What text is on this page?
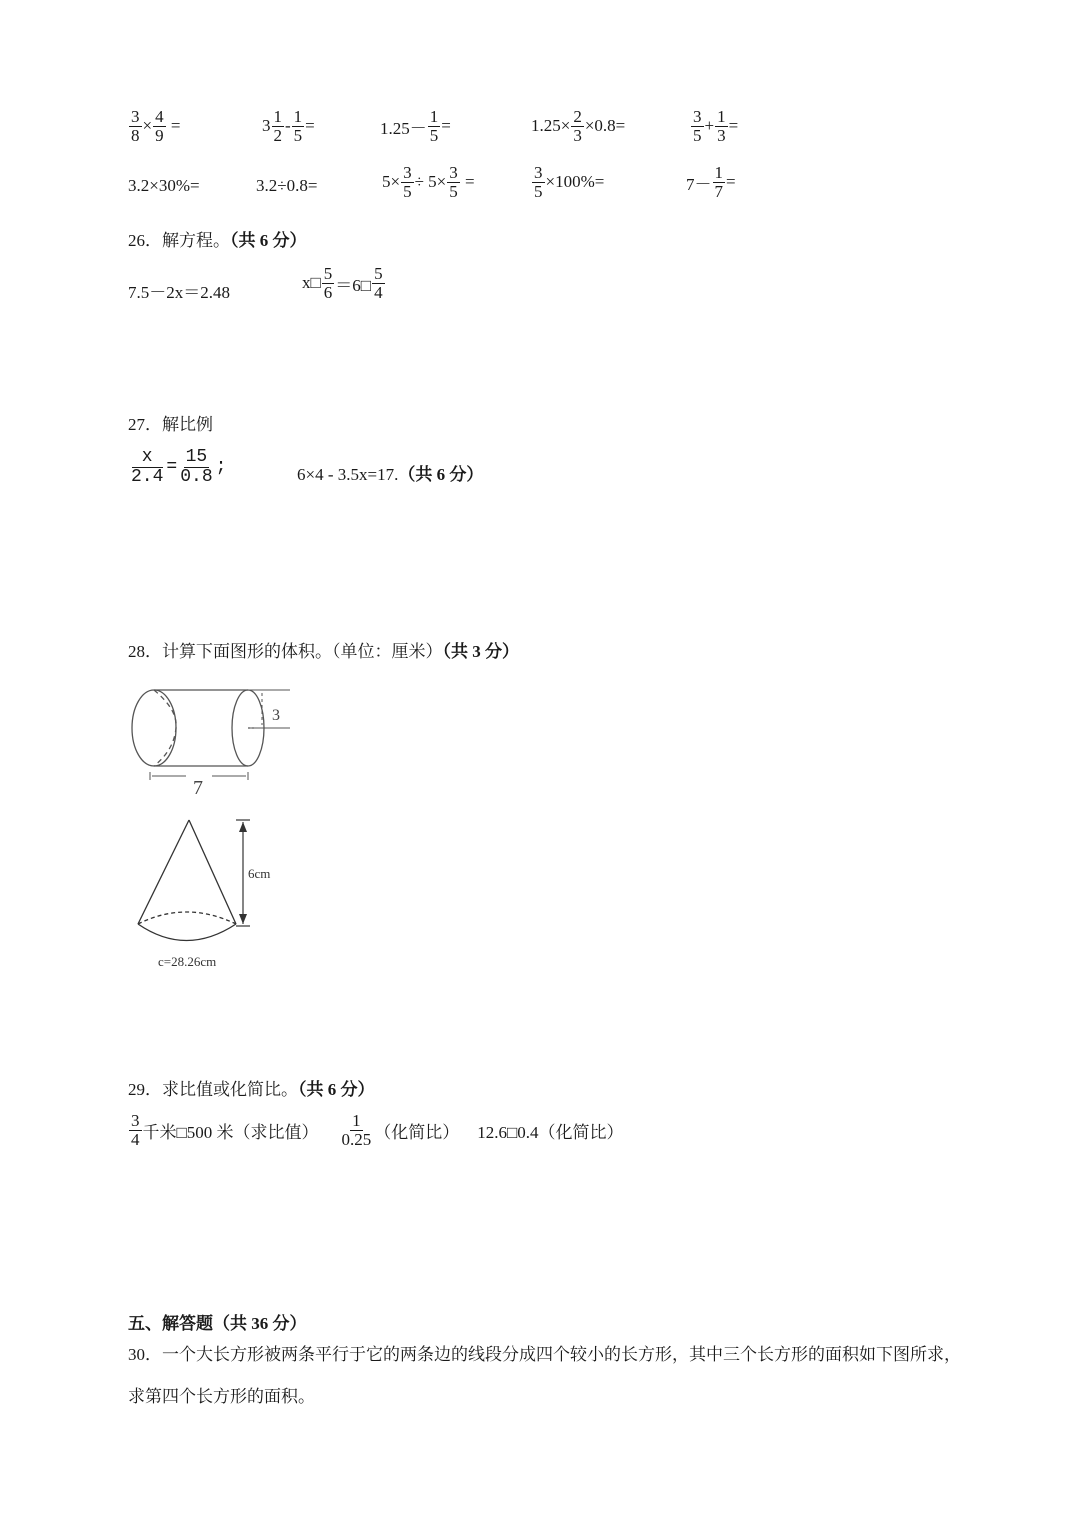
$\frac{3}{8} \times \frac{4}{9}$ =	$3 \frac{1}{2} - \frac{1}{5}$ =	$1.25- \frac{1}{5}$ =	$1.25\times \frac{2}{3} \times 0.8=$	$\frac{3}{5} + \frac{1}{3}$ =
3.2×30%=	3.2÷0.8=	$5\times \frac{3}{5} \div 5\times \frac{3}{5}$ =	$\frac{3}{5} \times 100\%=$	$7- \frac{1}{7}$ =
26．解方程。（共 6 分）
7.5－2x＝2.48
x□ $\frac{5}{6}$ ＝6□ $\frac{5}{4}$
27．解比例
$\frac{x}{2.4} = \frac{15}{0.8}$ ;	6×4 - 3.5x=17.（共 6 分）
28．计算下面图形的体积。（单位：厘米）（共 3 分）
3
7
6cm
c=28.26cm
29．求比值或化简比。（共 6 分）
$\frac{3}{4}$ 千米□500 米（求比值） $\frac{1}{0.25}$ （化简比） 12.6□0.4（化简比）
五、解答题（共 36 分）
30．一个大长方形被两条平行于它的两条边的线段分成四个较小的长方形，其中三个长方形的面积如下图所求，求第四个长方形的面积。
